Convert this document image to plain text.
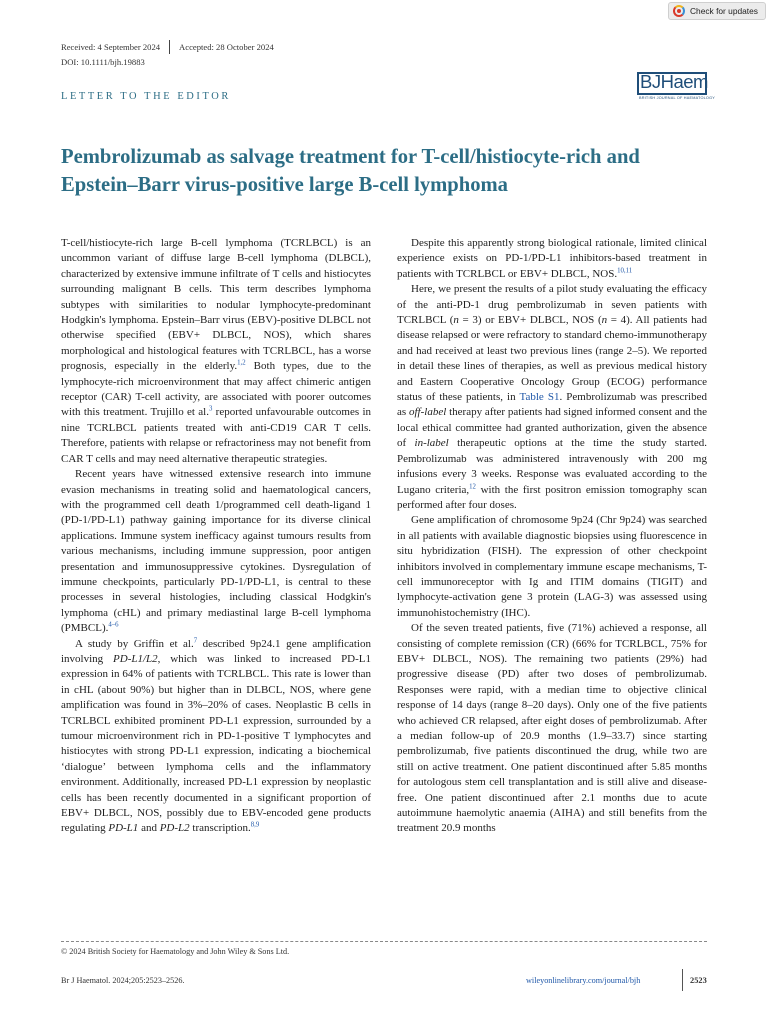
Received: 4 September 2024 Accepted: 28 October 2024
DOI: 10.1111/bjh.19883
Check for updates
LETTER TO THE EDITOR
BJHaem
BRITISH JOURNAL OF HAEMATOLOGY
Pembrolizumab as salvage treatment for T-cell/histiocyte-rich and Epstein–Barr virus-positive large B-cell lymphoma

T-cell/histiocyte-rich large B-cell lymphoma (TCRLBCL) is an uncommon variant of diffuse large B-cell lymphoma (DLBCL), characterized by extensive immune infiltrate of T cells and histiocytes surrounding malignant B cells. This term describes lymphoma subtypes with similarities to nodular lymphocyte-predominant Hodgkin's lymphoma. Epstein–Barr virus (EBV)-positive DLBCL not otherwise specified (EBV+ DLBCL, NOS), which shares morphological and histological features with TCRLBCL, has a worse prognosis, especially in the elderly.$^{1,2}$ Both types, due to the lymphocyte-rich microenvironment that may affect chimeric antigen receptor (CAR) T-cell activity, are associated with poorer outcomes with this treatment. Trujillo et al.$^3$ reported unfavourable outcomes in nine TCRLBCL patients treated with anti-CD19 CAR T cells. Therefore, patients with relapse or refractoriness may not benefit from CAR T cells and may need alternative therapeutic strategies.

Recent years have witnessed extensive research into immune evasion mechanisms in treating solid and haematological cancers, with the programmed cell death 1/programmed cell death-ligand 1 (PD-1/PD-L1) pathway gaining importance for its diverse clinical applications. Immune system inefficacy against tumours results from various mechanisms, including immune suppression, poor antigen presentation and immunosuppressive cytokines. Dysregulation of immune checkpoints, particularly PD-1/PD-L1, is central to these processes in several histologies, including classical Hodgkin's lymphoma (cHL) and primary mediastinal large B-cell lymphoma (PMBCL).$^{4-6}$

A study by Griffin et al.$^7$ described 9p24.1 gene amplification involving PD-L1/L2, which was linked to increased PD-L1 expression in 64% of patients with TCRLBCL. This rate is lower than in cHL (about 90%) but higher than in DLBCL, NOS, where gene amplification was found in 3%–20% of cases. Neoplastic B cells in TCRLBCL exhibited prominent PD-L1 expression, surrounded by a tumour microenvironment rich in PD-1-positive T lymphocytes and histiocytes with strong PD-L1 expression, indicating a biochemical ‘dialogue’ between lymphoma cells and the inflammatory environment. Additionally, increased PD-L1 expression by neoplastic cells has been recently documented in a significant proportion of EBV+ DLBCL, NOS, possibly due to EBV-encoded gene products regulating PD-L1 and PD-L2 transcription.$^{8,9}$

Despite this apparently strong biological rationale, limited clinical experience exists on PD-1/PD-L1 inhibitors-based treatment in patients with TCRLBCL or EBV+ DLBCL, NOS.$^{10,11}$

Here, we present the results of a pilot study evaluating the efficacy of the anti-PD-1 drug pembrolizumab in seven patients with TCRLBCL (n = 3) or EBV+ DLBCL, NOS (n = 4). All patients had disease relapsed or were refractory to standard chemo-immunotherapy and had received at least two previous lines (range 2–5). We reported in detail these lines of therapies, as well as previous medical history and Eastern Cooperative Oncology Group (ECOG) performance status of these patients, in Table S1. Pembrolizumab was prescribed as off-label therapy after patients had signed informed consent and the local ethical committee had granted authorization, given the absence of in-label therapeutic options at the time the study started. Pembrolizumab was administered intravenously with 200 mg infusions every 3 weeks. Response was evaluated according to the Lugano criteria,$^{12}$ with the first positron emission tomography scan performed after four doses.

Gene amplification of chromosome 9p24 (Chr 9p24) was searched in all patients with available diagnostic biopsies using fluorescence in situ hybridization (FISH). The expression of other checkpoint inhibitors involved in complementary immune escape mechanisms, T-cell immunoreceptor with Ig and ITIM domains (TIGIT) and lymphocyte-activation gene 3 protein (LAG-3) was assessed using immunohistochemistry (IHC).

Of the seven treated patients, five (71%) achieved a response, all consisting of complete remission (CR) (66% for TCRLBCL, 75% for EBV+ DLBCL, NOS). The remaining two patients (29%) had progressive disease (PD) after two doses of pembrolizumab. Responses were rapid, with a median time to objective clinical response of 14 days (range 8–20 days). Only one of the five patients who achieved CR relapsed, after eight doses of pembrolizumab. After a median follow-up of 20.9 months (1.9–33.7) since starting pembrolizumab, five patients discontinued the drug, while two are still on active treatment. One patient discontinued after 5.85 months for autologous stem cell transplantation and is still alive and disease-free. One patient discontinued after 2.1 months due to acute autoimmune haemolytic anaemia (AIHA) and still benefits from the treatment 20.9 months

© 2024 British Society for Haematology and John Wiley & Sons Ltd.
Br J Haematol. 2024;205:2523–2526.	wileyonlinelibrary.com/journal/bjh	2523
